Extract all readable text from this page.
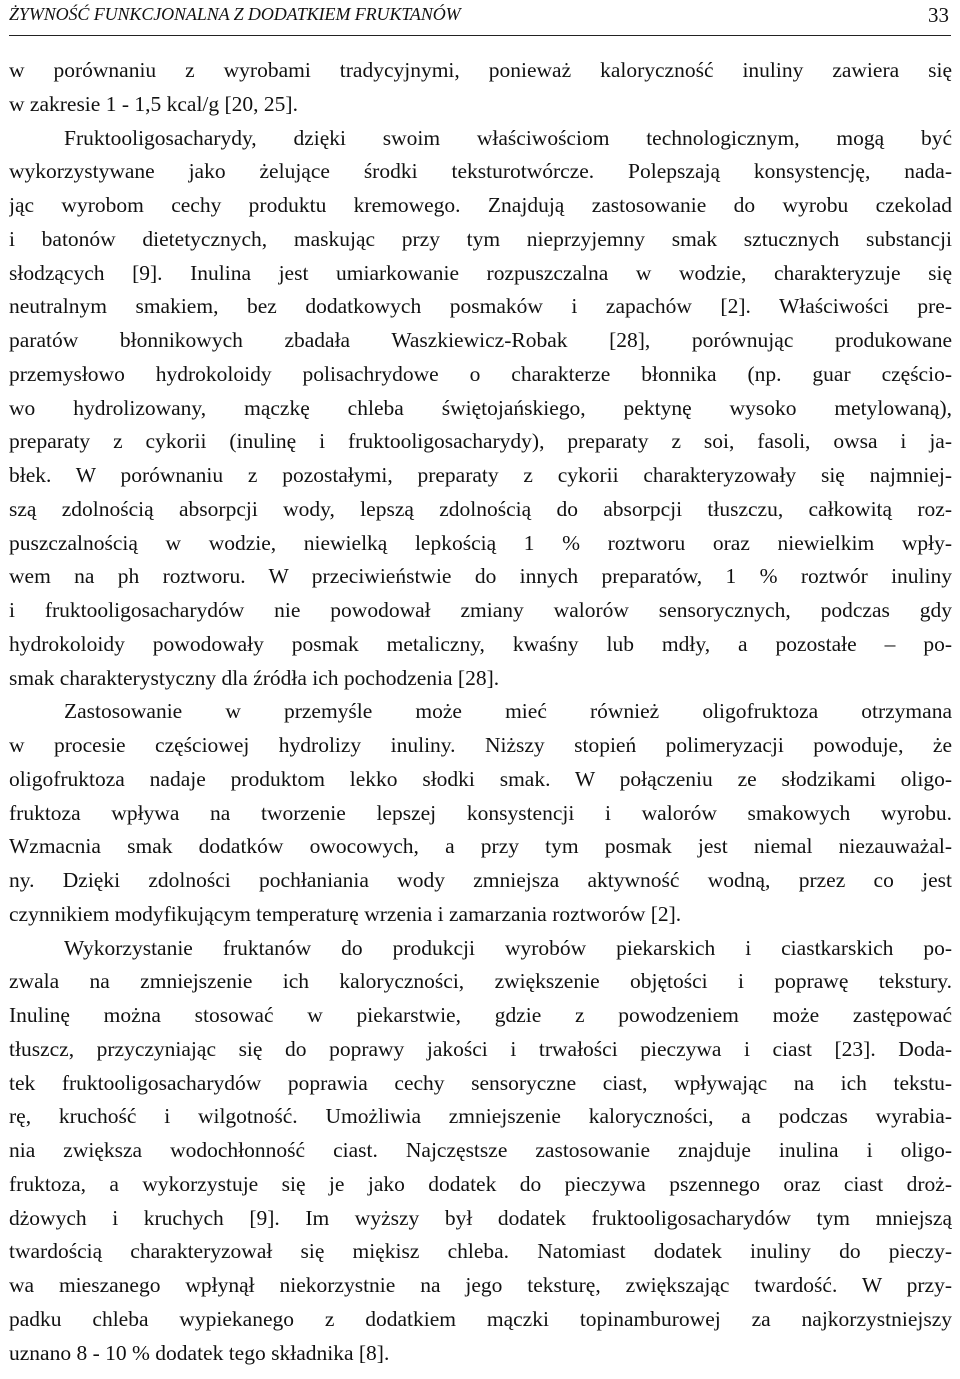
ŻYWNOŚĆ FUNKCJONALNA Z DODATKIEM FRUKTANÓW	33
w porównaniu z wyrobami tradycyjnymi, ponieważ kaloryczność inuliny zawiera się
w zakresie 1 - 1,5 kcal/g [20, 25].
Fruktooligosacharydy, dzięki swoim właściwościom technologicznym, mogą być
wykorzystywane jako żelujące środki teksturotwórcze. Polepszają konsystencję, nada-
jąc wyrobom cechy produktu kremowego. Znajdują zastosowanie do wyrobu czekolad
i batonów dietetycznych, maskując przy tym nieprzyjemny smak sztucznych substancji
słodzących [9]. Inulina jest umiarkowanie rozpuszczalna w wodzie, charakteryzuje się
neutralnym smakiem, bez dodatkowych posmaków i zapachów [2]. Właściwości pre-
paratów błonnikowych zbadała Waszkiewicz-Robak [28], porównując produkowane
przemysłowo hydrokoloidy polisachrydowe o charakterze błonnika (np. guar częścio-
wo hydrolizowany, mączkę chleba świętojańskiego, pektynę wysoko metylowaną),
preparaty z cykorii (inulinę i fruktooligosacharydy), preparaty z soi, fasoli, owsa i ja-
błek. W porównaniu z pozostałymi, preparaty z cykorii charakteryzowały się najmniej-
szą zdolnością absorpcji wody, lepszą zdolnością do absorpcji tłuszczu, całkowitą roz-
puszczalnością w wodzie, niewielką lepkością 1 % roztworu oraz niewielkim wpły-
wem na ph roztworu. W przeciwieństwie do innych preparatów, 1 % roztwór inuliny
i fruktooligosacharydów nie powodował zmiany walorów sensorycznych, podczas gdy
hydrokoloidy powodowały posmak metaliczny, kwaśny lub mdły, a pozostałe – po-
smak charakterystyczny dla źródła ich pochodzenia [28].
Zastosowanie w przemyśle może mieć również oligofruktoza otrzymana
w procesie częściowej hydrolizy inuliny. Niższy stopień polimeryzacji powoduje, że
oligofruktoza nadaje produktom lekko słodki smak. W połączeniu ze słodzikami oligo-
fruktoza wpływa na tworzenie lepszej konsystencji i walorów smakowych wyrobu.
Wzmacnia smak dodatków owocowych, a przy tym posmak jest niemal niezauważal-
ny. Dzięki zdolności pochłaniania wody zmniejsza aktywność wodną, przez co jest
czynnikiem modyfikującym temperaturę wrzenia i zamarzania roztworów [2].
Wykorzystanie fruktanów do produkcji wyrobów piekarskich i ciastkarskich po-
zwala na zmniejszenie ich kaloryczności, zwiększenie objętości i poprawę tekstury.
Inulinę można stosować w piekarstwie, gdzie z powodzeniem może zastępować
tłuszcz, przyczyniając się do poprawy jakości i trwałości pieczywa i ciast [23]. Doda-
tek fruktooligosacharydów poprawia cechy sensoryczne ciast, wpływając na ich tekstu-
rę, kruchość i wilgotność. Umożliwia zmniejszenie kaloryczności, a podczas wyrabia-
nia zwiększa wodochłonność ciast. Najczęstsze zastosowanie znajduje inulina i oligo-
fruktoza, a wykorzystuje się je jako dodatek do pieczywa pszennego oraz ciast droż-
dżowych i kruchych [9]. Im wyższy był dodatek fruktooligosacharydów tym mniejszą
twardością charakteryzował się miękisz chleba. Natomiast dodatek inuliny do pieczy-
wa mieszanego wpłynął niekorzystnie na jego teksturę, zwiększając twardość. W przy-
padku chleba wypiekanego z dodatkiem mączki topinamburowej za najkorzystniejszy
uznano 8 - 10 % dodatek tego składnika [8].
